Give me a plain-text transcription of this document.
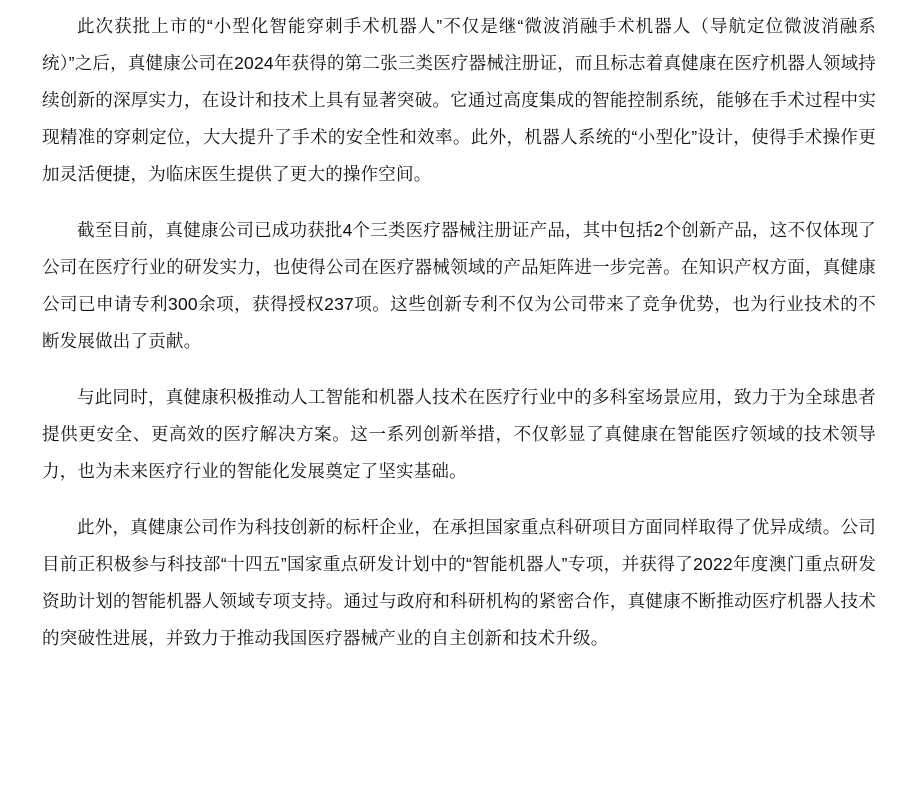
此次获批上市的“小型化智能穿刺手术机器人”不仅是继“微波消融手术机器人（导航定位微波消融系统）”之后，真健康公司在2024年获得的第二张三类医疗器械注册证，而且标志着真健康在医疗机器人领域持续创新的深厚实力，在设计和技术上具有显著突破。它通过高度集成的智能控制系统，能够在手术过程中实现精准的穿刺定位，大大提升了手术的安全性和效率。此外，机器人系统的“小型化”设计，使得手术操作更加灵活便捷，为临床医生提供了更大的操作空间。

截至目前，真健康公司已成功获批4个三类医疗器械注册证产品，其中包括2个创新产品，这不仅体现了公司在医疗行业的研发实力，也使得公司在医疗器械领域的产品矩阵进一步完善。在知识产权方面，真健康公司已申请专利300余项，获得授权237项。这些创新专利不仅为公司带来了竞争优势，也为行业技术的不断发展做出了贡献。

与此同时，真健康积极推动人工智能和机器人技术在医疗行业中的多科室场景应用，致力于为全球患者提供更安全、更高效的医疗解决方案。这一系列创新举措，不仅彰显了真健康在智能医疗领域的技术领导力，也为未来医疗行业的智能化发展奠定了坚实基础。

此外，真健康公司作为科技创新的标杆企业，在承担国家重点科研项目方面同样取得了优异成绩。公司目前正积极参与科技部“十四五”国家重点研发计划中的“智能机器人”专项，并获得了2022年度澳门重点研发资助计划的智能机器人领域专项支持。通过与政府和科研机构的紧密合作，真健康不断推动医疗机器人技术的突破性进展，并致力于推动我国医疗器械产业的自主创新和技术升级。
